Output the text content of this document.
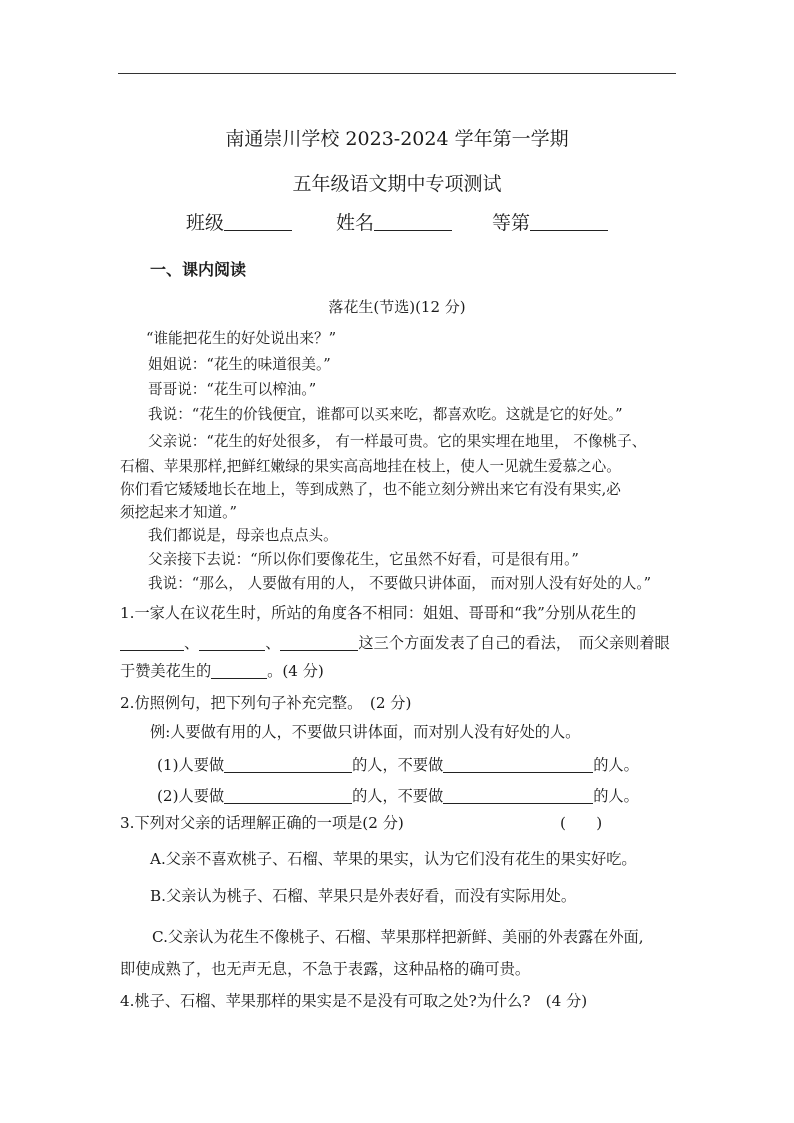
南通崇川学校 2023-2024 学年第一学期
五年级语文期中专项测试
班级	姓名	等第
一、课内阅读
落花生(节选)(12 分)
“谁能把花生的好处说出来？”
姐姐说：“花生的味道很美。”
哥哥说：“花生可以榨油。”
我说：“花生的价钱便宜，谁都可以买来吃，都喜欢吃。这就是它的好处。”
父亲说：“花生的好处很多， 有一样最可贵。它的果实埋在地里， 不像桃子、
石榴、苹果那样,把鲜红嫩绿的果实高高地挂在枝上，使人一见就生爱慕之心。
你们看它矮矮地长在地上，等到成熟了，也不能立刻分辨出来它有没有果实,必
须挖起来才知道。”
我们都说是，母亲也点点头。
父亲接下去说：“所以你们要像花生，它虽然不好看，可是很有用。”
我说：“那么， 人要做有用的人， 不要做只讲体面， 而对别人没有好处的人。”
1.一家人在议花生时，所站的角度各不相同：姐姐、哥哥和“我”分别从花生的
、	、	这三个方面发表了自己的看法，　而父亲则着眼
于赞美花生的	。(4 分)
2.仿照例句，把下列句子补充完整。　(2 分)
例:人要做有用的人，不要做只讲体面，而对别人没有好处的人。
(1)人要做	的人，不要做	的人。
(2)人要做	的人，不要做	的人。
3.下列对父亲的话理解正确的一项是(2 分)	(　　)
A.父亲不喜欢桃子、石榴、苹果的果实，认为它们没有花生的果实好吃。
B.父亲认为桃子、石榴、苹果只是外表好看，而没有实际用处。
C.父亲认为花生不像桃子、石榴、苹果那样把新鲜、美丽的外表露在外面,
即使成熟了，也无声无息，不急于表露，这种品格的确可贵。
4.桃子、石榴、苹果那样的果实是不是没有可取之处?为什么?　(4 分)
